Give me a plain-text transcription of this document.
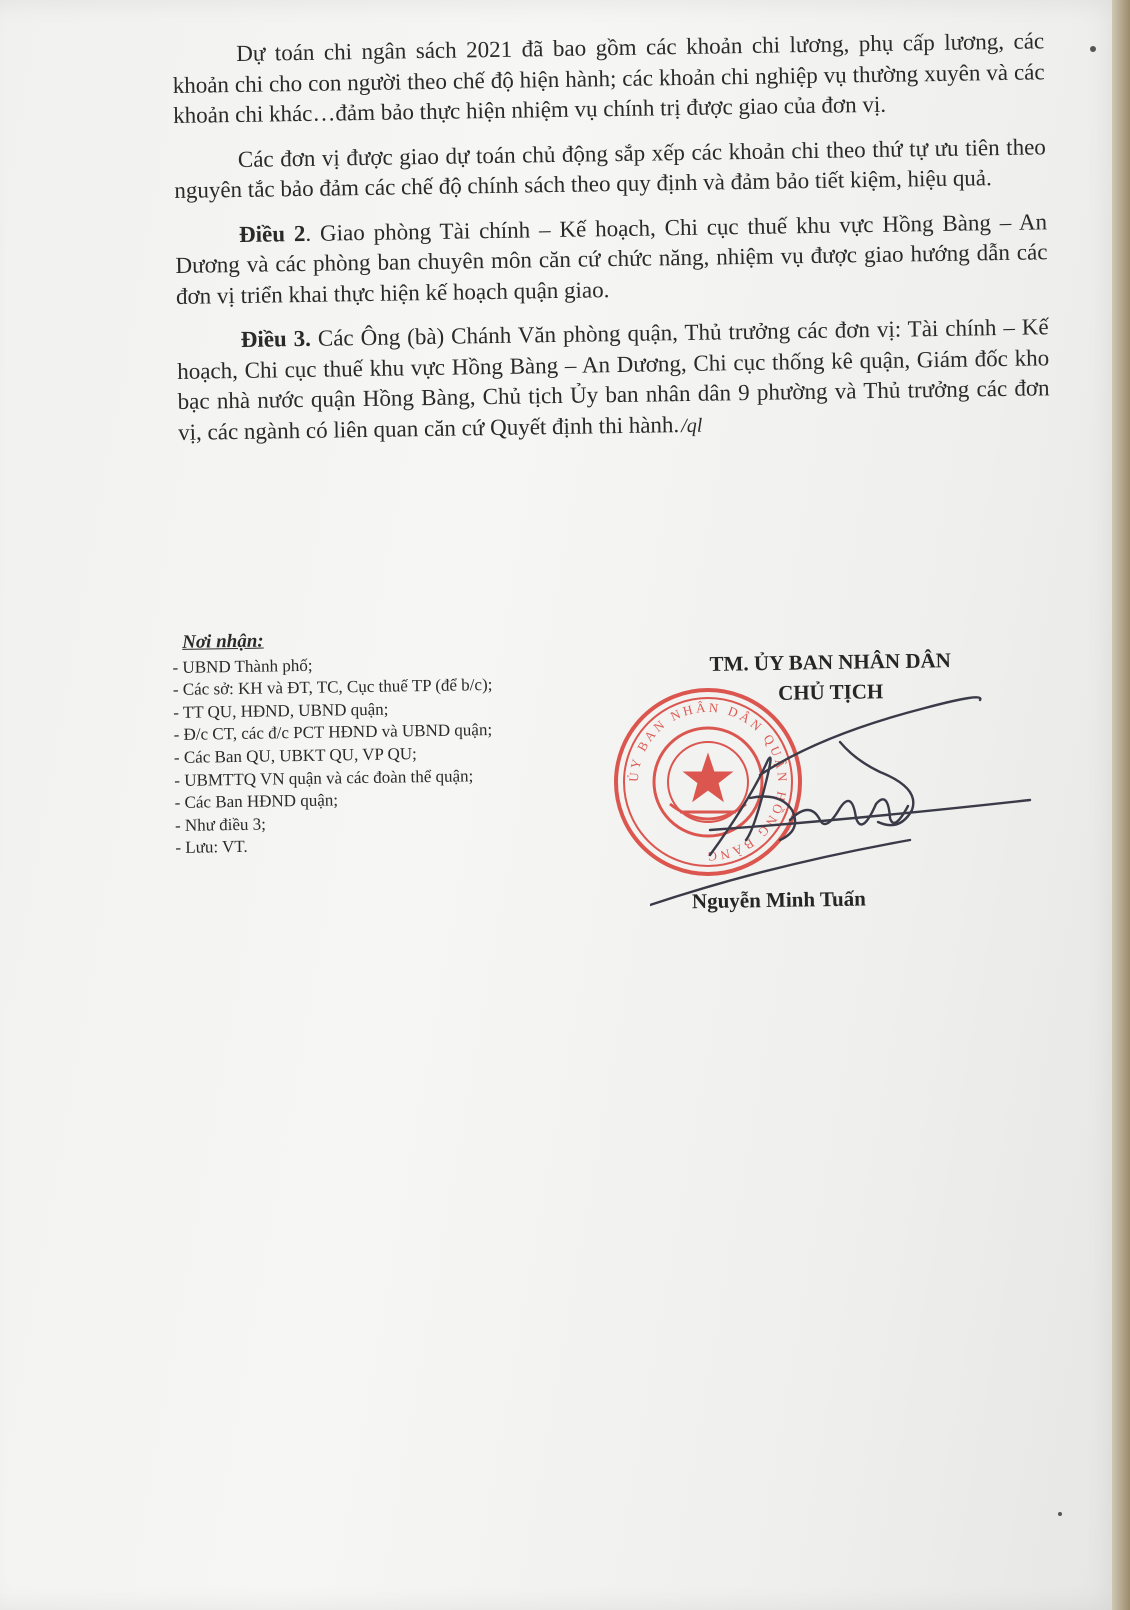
Dự toán chi ngân sách 2021 đã bao gồm các khoản chi lương, phụ cấp lương, các khoản chi cho con người theo chế độ hiện hành; các khoản chi nghiệp vụ thường xuyên và các khoản chi khác…đảm bảo thực hiện nhiệm vụ chính trị được giao của đơn vị.

Các đơn vị được giao dự toán chủ động sắp xếp các khoản chi theo thứ tự ưu tiên theo nguyên tắc bảo đảm các chế độ chính sách theo quy định và đảm bảo tiết kiệm, hiệu quả.

Điều 2. Giao phòng Tài chính – Kế hoạch, Chi cục thuế khu vực Hồng Bàng – An Dương và các phòng ban chuyên môn căn cứ chức năng, nhiệm vụ được giao hướng dẫn các đơn vị triển khai thực hiện kế hoạch quận giao.

Điều 3. Các Ông (bà) Chánh Văn phòng quận, Thủ trưởng các đơn vị: Tài chính – Kế hoạch, Chi cục thuế khu vực Hồng Bàng – An Dương, Chi cục thống kê quận, Giám đốc kho bạc nhà nước quận Hồng Bàng, Chủ tịch Ủy ban nhân dân 9 phường và Thủ trưởng các đơn vị, các ngành có liên quan căn cứ Quyết định thi hành./ql

Nơi nhận:
- UBND Thành phố;
- Các sở: KH và ĐT, TC, Cục thuế TP (để b/c);
- TT QU, HĐND, UBND quận;
- Đ/c CT, các đ/c PCT HĐND và UBND quận;
- Các Ban QU, UBKT QU, VP QU;
- UBMTTQ VN quận và các đoàn thể quận;
- Các Ban HĐND quận;
- Như điều 3;
- Lưu: VT.
ỦY BAN NHÂN DÂN QUẬN HỒNG BÀNG
TM. ỦY BAN NHÂN DÂN
CHỦ TỊCH
Nguyễn Minh Tuấn
